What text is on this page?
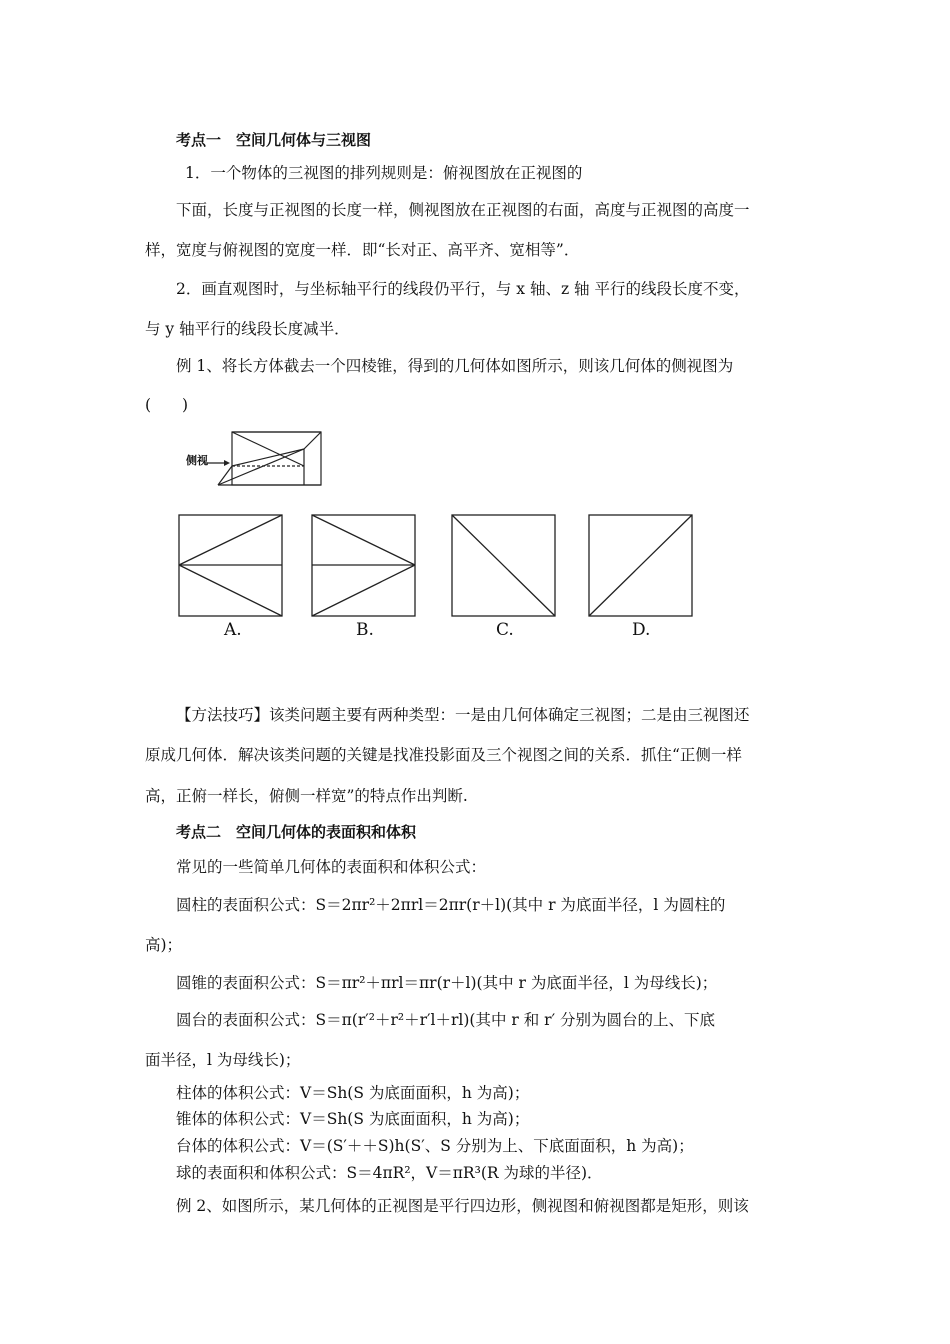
考点一　空间几何体与三视图
1．一个物体的三视图的排列规则是：俯视图放在正视图的
下面，长度与正视图的长度一样，侧视图放在正视图的右面，高度与正视图的高度一
样，宽度与俯视图的宽度一样．即“长对正、高平齐、宽相等”．
2．画直观图时，与坐标轴平行的线段仍平行，与 x 轴、z 轴 平行的线段长度不变，
与 y 轴平行的线段长度减半．
例 1、将长方体截去一个四棱锥，得到的几何体如图所示，则该几何体的侧视图为
(　　)
侧视
A.	B.	C.	D.
【方法技巧】该类问题主要有两种类型：一是由几何体确定三视图；二是由三视图还
原成几何体．解决该类问题的关键是找准投影面及三个视图之间的关系．抓住“正侧一样
高，正俯一样长，俯侧一样宽”的特点作出判断.
考点二　空间几何体的表面积和体积
常见的一些简单几何体的表面积和体积公式：
圆柱的表面积公式：S＝2πr²＋2πrl＝2πr(r＋l)(其中 r 为底面半径，l 为圆柱的
高)；
圆锥的表面积公式：S＝πr²＋πrl＝πr(r＋l)(其中 r 为底面半径，l 为母线长)；
圆台的表面积公式：S＝π(r′²＋r²＋r′l＋rl)(其中 r 和 r′ 分别为圆台的上、下底
面半径，l 为母线长)；
柱体的体积公式：V＝Sh(S 为底面面积，h 为高)；
锥体的体积公式：V＝Sh(S 为底面面积，h 为高)；
台体的体积公式：V＝(S′＋＋S)h(S′、S 分别为上、下底面面积，h 为高)；
球的表面积和体积公式：S＝4πR²，V＝πR³(R 为球的半径)．
例 2、如图所示，某几何体的正视图是平行四边形，侧视图和俯视图都是矩形，则该
